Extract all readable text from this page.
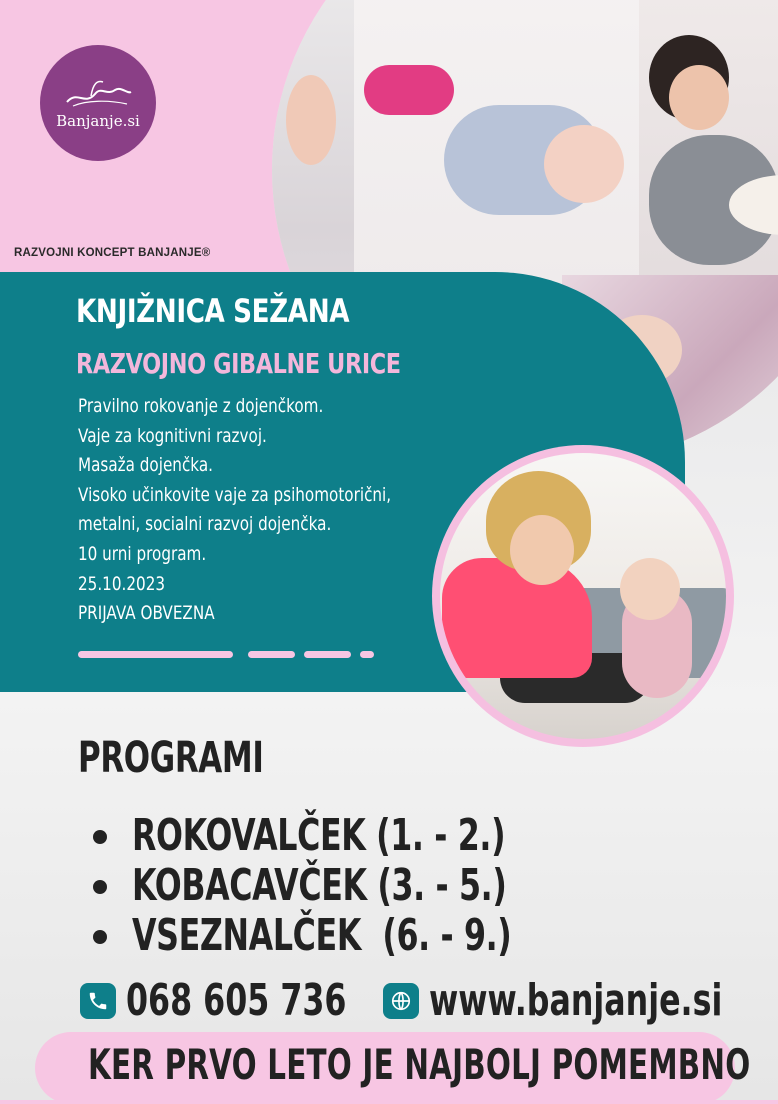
Banjanje.si
RAZVOJNI KONCEPT BANJANJE®
KNJIŽNICA SEŽANA
RAZVOJNO GIBALNE URICE
Pravilno rokovanje z dojenčkom.
Vaje za kognitivni razvoj.
Masaža dojenčka.
Visoko učinkovite vaje za psihomotorični,
metalni, socialni razvoj dojenčka.
10 urni program.
25.10.2023
PRIJAVA OBVEZNA
PROGRAMI
ROKOVALČEK (1. - 2.)
KOBACAVČEK (3. - 5.)
VSEZNALČEK  (6. - 9.)
068 605 736 www.banjanje.si
KER PRVO LETO JE NAJBOLJ POMEMBNO
